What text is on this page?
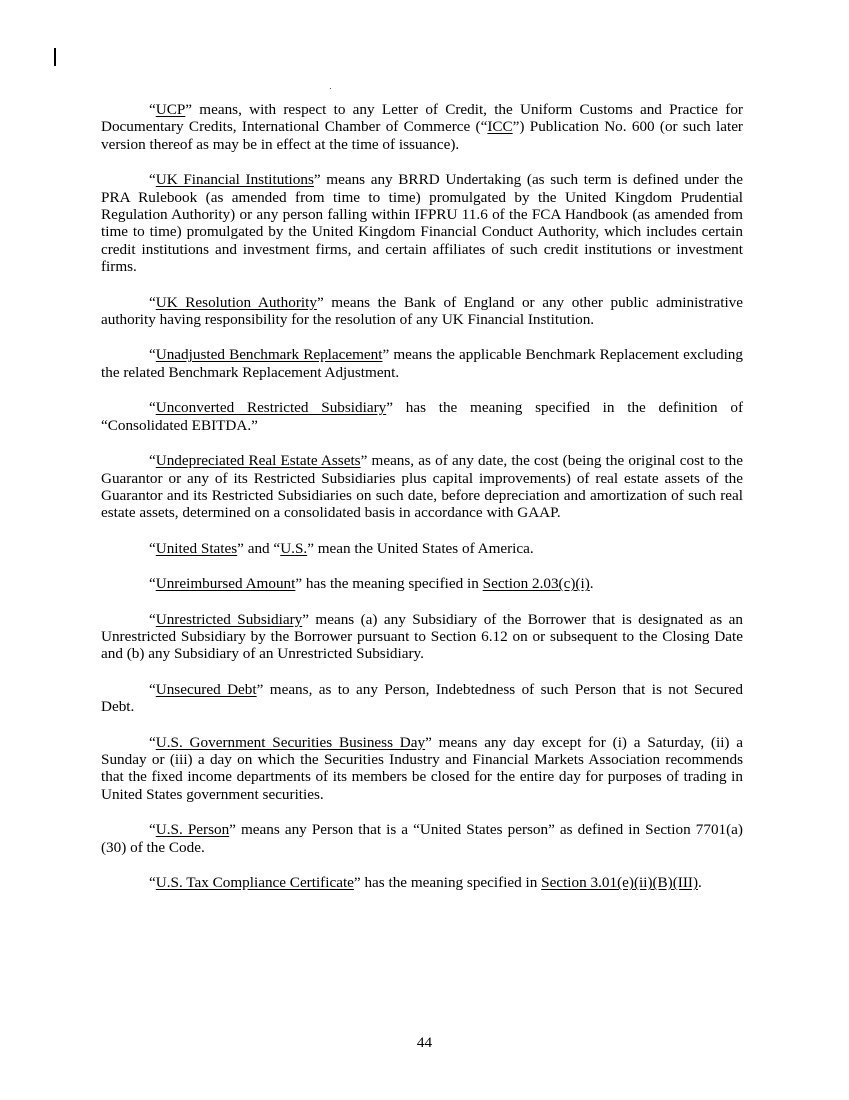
“UCP” means, with respect to any Letter of Credit, the Uniform Customs and Practice for Documentary Credits, International Chamber of Commerce (“ICC”) Publication No. 600 (or such later version thereof as may be in effect at the time of issuance).

“UK Financial Institutions” means any BRRD Undertaking (as such term is defined under the PRA Rulebook (as amended from time to time) promulgated by the United Kingdom Prudential Regulation Authority) or any person falling within IFPRU 11.6 of the FCA Handbook (as amended from time to time) promulgated by the United Kingdom Financial Conduct Authority, which includes certain credit institutions and investment firms, and certain affiliates of such credit institutions or investment firms.

“UK Resolution Authority” means the Bank of England or any other public administrative authority having responsibility for the resolution of any UK Financial Institution.

“Unadjusted Benchmark Replacement” means the applicable Benchmark Replacement excluding the related Benchmark Replacement Adjustment.

“Unconverted Restricted Subsidiary” has the meaning specified in the definition of “Consolidated EBITDA.”

“Undepreciated Real Estate Assets” means, as of any date, the cost (being the original cost to the Guarantor or any of its Restricted Subsidiaries plus capital improvements) of real estate assets of the Guarantor and its Restricted Subsidiaries on such date, before depreciation and amortization of such real estate assets, determined on a consolidated basis in accordance with GAAP.

“United States” and “U.S.” mean the United States of America.

“Unreimbursed Amount” has the meaning specified in Section 2.03(c)(i).

“Unrestricted Subsidiary” means (a) any Subsidiary of the Borrower that is designated as an Unrestricted Subsidiary by the Borrower pursuant to Section 6.12 on or subsequent to the Closing Date and (b) any Subsidiary of an Unrestricted Subsidiary.

“Unsecured Debt” means, as to any Person, Indebtedness of such Person that is not Secured Debt.

“U.S. Government Securities Business Day” means any day except for (i) a Saturday, (ii) a Sunday or (iii) a day on which the Securities Industry and Financial Markets Association recommends that the fixed income departments of its members be closed for the entire day for purposes of trading in United States government securities.

“U.S. Person” means any Person that is a “United States person” as defined in Section 7701(a)(30) of the Code.

“U.S. Tax Compliance Certificate” has the meaning specified in Section 3.01(e)(ii)(B)(III).

44
